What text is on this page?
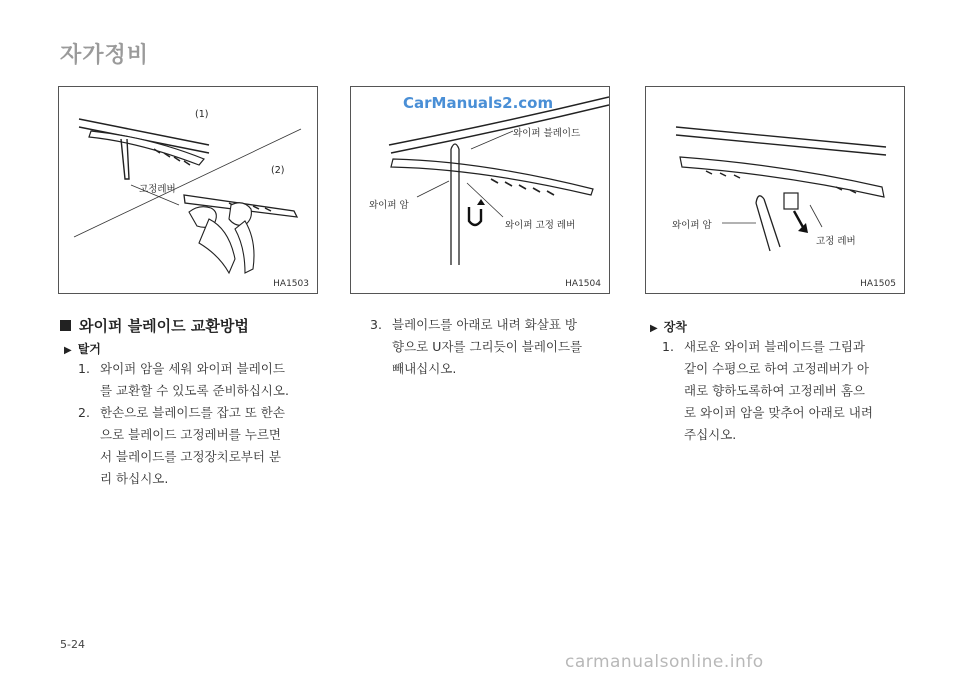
자가정비
(1)
(2)
고정레버
HA1503
CarManuals2.com
와이퍼 블레이드
와이퍼 암
와이퍼 고정 레버
HA1504
와이퍼 암
고정 레버
HA1505
와이퍼 블레이드 교환방법
▶ 탈거
1. 와이퍼 암을 세워 와이퍼 블레이드
를 교환할 수 있도록 준비하십시오.
2. 한손으로 블레이드를 잡고 또 한손
으로 블레이드 고정레버를 누르면
서 블레이드를 고정장치로부터 분
리 하십시오.
3. 블레이드를 아래로 내려 화살표 방
향으로 U자를 그리듯이 블레이드를
빼내십시오.
▶ 장착
1. 새로운 와이퍼 블레이드를 그림과
같이 수평으로 하여 고정레버가 아
래로 향하도록하여 고정레버 홈으
로 와이퍼 암을 맞추어 아래로 내려
주십시오.
5-24
carmanualsonline.info
